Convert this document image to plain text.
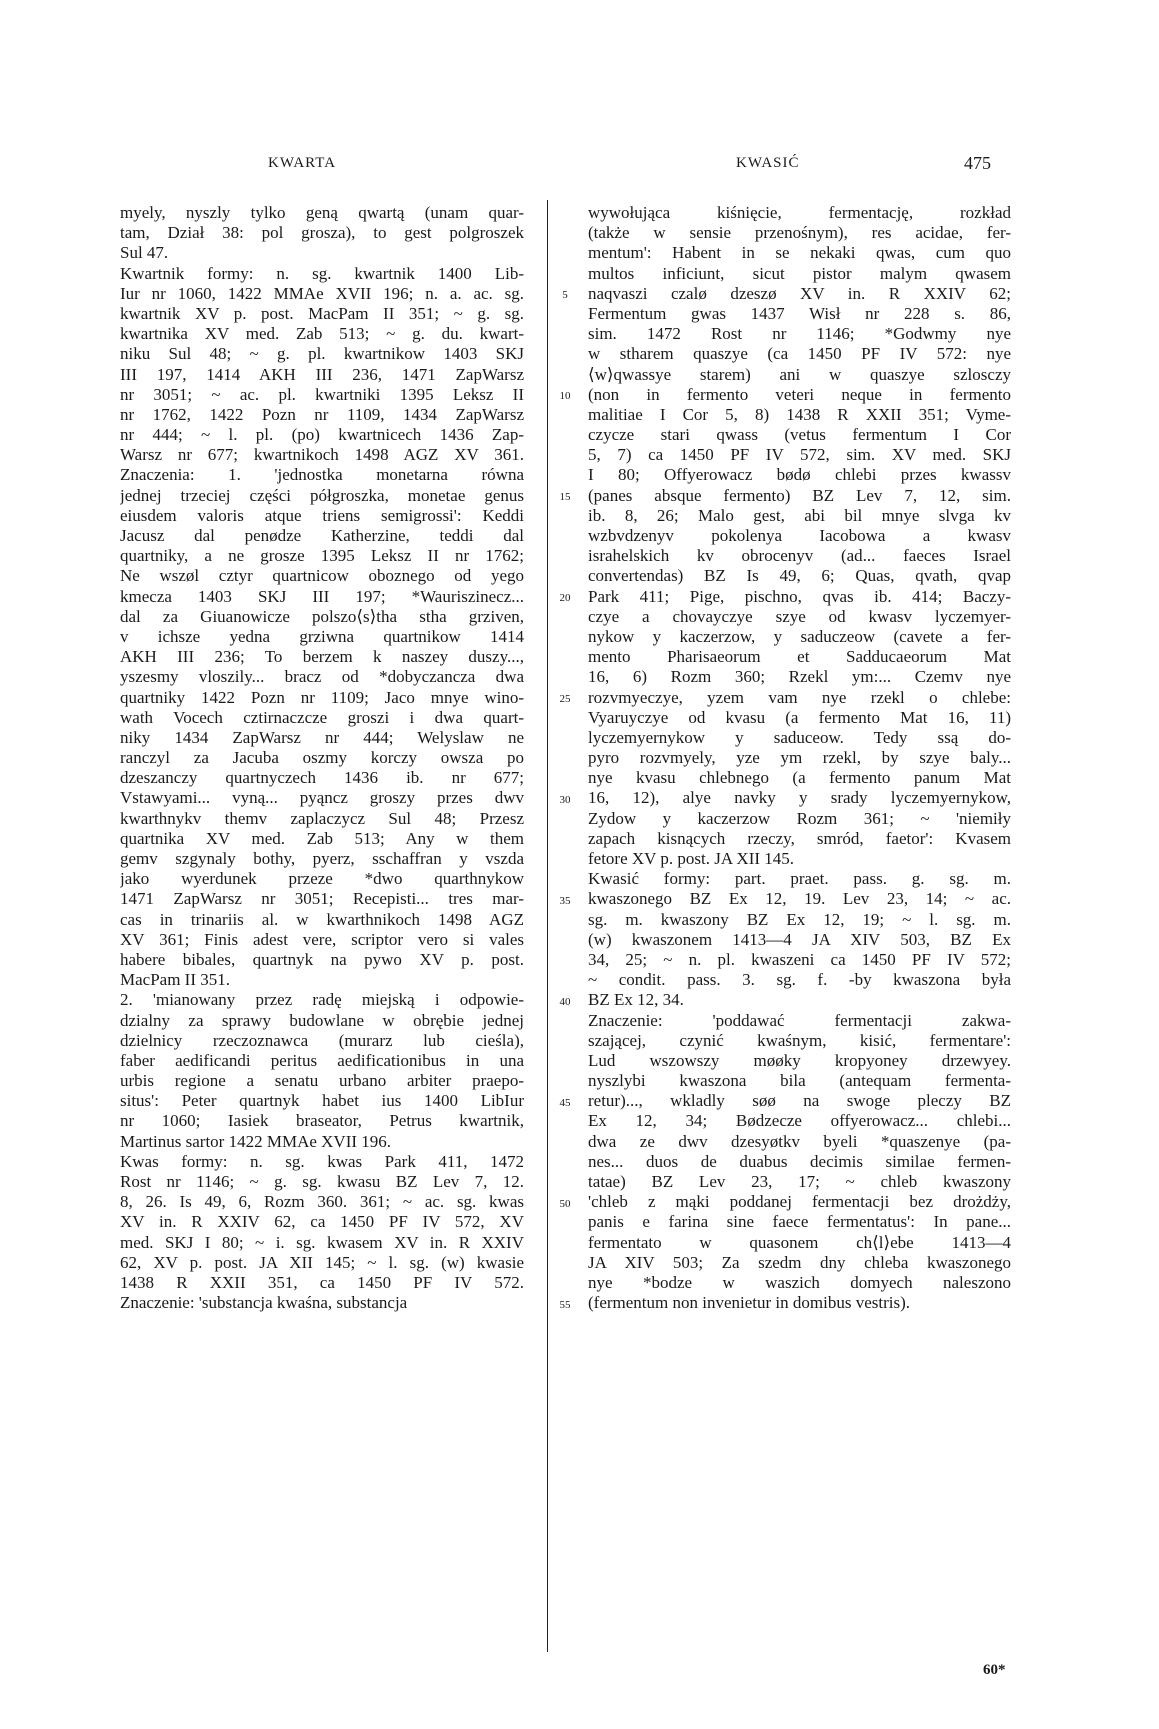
KWARTA	KWASIĆ	475
myely, nyszly tylko geną qwartą (unam quar-
tam, Dział 38: pol grosza), to gest polgroszek
Sul 47.
Kwartnik formy: n. sg. kwartnik 1400 Lib-
Iur nr 1060, 1422 MMAe XVII 196; n. a. ac. sg.
kwartnik XV p. post. MacPam II 351; ~ g. sg.
kwartnika XV med. Zab 513; ~ g. du. kwart-
niku Sul 48; ~ g. pl. kwartnikow 1403 SKJ
III 197, 1414 AKH III 236, 1471 ZapWarsz
nr 3051; ~ ac. pl. kwartniki 1395 Leksz II
nr 1762, 1422 Pozn nr 1109, 1434 ZapWarsz
nr 444; ~ l. pl. (po) kwartnicech 1436 Zap-
Warsz nr 677; kwartnikoch 1498 AGZ XV 361.
Znaczenia: 1. 'jednostka monetarna równa
jednej trzeciej części półgroszka, monetae genus
eiusdem valoris atque triens semigrossi': Keddi
Jacusz dal penødze Katherzine, teddi dal
quartniky, a ne grosze 1395 Leksz II nr 1762;
Ne wszøl cztyr quartnicow oboznego od yego
kmecza 1403 SKJ III 197; *Wauriszinecz...
dal za Giuanowicze polszo⟨s⟩tha stha grziven,
v ichsze yedna grziwna quartnikow 1414
AKH III 236; To berzem k naszey duszy...,
yszesmy vloszily... bracz od *dobyczancza dwa
quartniky 1422 Pozn nr 1109; Jaco mnye wino-
wath Vocech cztirnaczcze groszi i dwa quart-
niky 1434 ZapWarsz nr 444; Welyslaw ne
ranczyl za Jacuba oszmy korczy owsza po
dzeszanczy quartnyczech 1436 ib. nr 677;
Vstawyami... vyną... pyąncz groszy przes dwv
kwarthnykv themv zaplaczycz Sul 48; Przesz
quartnika XV med. Zab 513; Any w them
gemv szgynaly bothy, pyerz, sschaffran y vszda
jako wyerdunek przeze *dwo quarthnykow
1471 ZapWarsz nr 3051; Recepisti... tres mar-
cas in trinariis al. w kwarthnikoch 1498 AGZ
XV 361; Finis adest vere, scriptor vero si vales
habere bibales, quartnyk na pywo XV p. post.
MacPam II 351.
2. 'mianowany przez radę miejską i odpowie-
dzialny za sprawy budowlane w obrębie jednej
dzielnicy rzeczoznawca (murarz lub cieśla),
faber aedificandi peritus aedificationibus in una
urbis regione a senatu urbano arbiter praepo-
situs': Peter quartnyk habet ius 1400 LibIur
nr 1060; Iasiek braseator, Petrus kwartnik,
Martinus sartor 1422 MMAe XVII 196.
Kwas formy: n. sg. kwas Park 411, 1472
Rost nr 1146; ~ g. sg. kwasu BZ Lev 7, 12.
8, 26. Is 49, 6, Rozm 360. 361; ~ ac. sg. kwas
XV in. R XXIV 62, ca 1450 PF IV 572, XV
med. SKJ I 80; ~ i. sg. kwasem XV in. R XXIV
62, XV p. post. JA XII 145; ~ l. sg. (w) kwasie
1438 R XXII 351, ca 1450 PF IV 572.
Znaczenie: 'substancja kwaśna, substancja
5
10
15
20
25
30
35
40
45
50
55
wywołująca kiśnięcie, fermentację, rozkład
(także w sensie przenośnym), res acidae, fer-
mentum': Habent in se nekaki qwas, cum quo
multos inficiunt, sicut pistor malym qwasem
naqvaszi czalø dzeszø XV in. R XXIV 62;
Fermentum gwas 1437 Wisł nr 228 s. 86,
sim. 1472 Rost nr 1146; *Godwmy nye
w stharem quaszye (ca 1450 PF IV 572: nye
⟨w⟩qwassye starem) ani w quaszye szlosczy
(non in fermento veteri neque in fermento
malitiae I Cor 5, 8) 1438 R XXII 351; Vyme-
czycze stari qwass (vetus fermentum I Cor
5, 7) ca 1450 PF IV 572, sim. XV med. SKJ
I 80; Offyerowacz bødø chlebi przes kwassv
(panes absque fermento) BZ Lev 7, 12, sim.
ib. 8, 26; Malo gest, abi bil mnye slvga kv
wzbvdzenyv pokolenya Iacobowa a kwasv
israhelskich kv obrocenyv (ad... faeces Israel
convertendas) BZ Is 49, 6; Quas, qvath, qvap
Park 411; Pige, pischno, qvas ib. 414; Baczy-
czye a chovayczye szye od kwasv lyczemyer-
nykow y kaczerzow, y saduczeow (cavete a fer-
mento Pharisaeorum et Sadducaeorum Mat
16, 6) Rozm 360; Rzekl ym:... Czemv nye
rozvmyeczye, yzem vam nye rzekl o chlebe:
Vyaruyczye od kvasu (a fermento Mat 16, 11)
lyczemyernykow y saduceow. Tedy ssą do-
pyro rozvmyely, yze ym rzekl, by szye baly...
nye kvasu chlebnego (a fermento panum Mat
16, 12), alye navky y srady lyczemyernykow,
Zydow y kaczerzow Rozm 361; ~ 'niemiły
zapach kisnących rzeczy, smród, faetor': Kvasem
fetore XV p. post. JA XII 145.
Kwasić formy: part. praet. pass. g. sg. m.
kwaszonego BZ Ex 12, 19. Lev 23, 14; ~ ac.
sg. m. kwaszony BZ Ex 12, 19; ~ l. sg. m.
(w) kwaszonem 1413—4 JA XIV 503, BZ Ex
34, 25; ~ n. pl. kwaszeni ca 1450 PF IV 572;
~ condit. pass. 3. sg. f. -by kwaszona była
BZ Ex 12, 34.
Znaczenie: 'poddawać fermentacji zakwa-
szającej, czynić kwaśnym, kisić, fermentare':
Lud wszowszy møøky kropyoney drzewyey.
nyszlybi kwaszona bila (antequam fermenta-
retur)..., wkladly søø na swoge pleczy BZ
Ex 12, 34; Bødzecze offyerowacz... chlebi...
dwa ze dwv dzesyøtkv byeli *quaszenye (pa-
nes... duos de duabus decimis similae fermen-
tatae) BZ Lev 23, 17; ~ chleb kwaszony
'chleb z mąki poddanej fermentacji bez drożdży,
panis e farina sine faece fermentatus': In pane...
fermentato w quasonem ch⟨l⟩ebe 1413—4
JA XIV 503; Za szedm dny chleba kwaszonego
nye *bodze w waszich domyech naleszono
(fermentum non invenietur in domibus vestris).
60*
